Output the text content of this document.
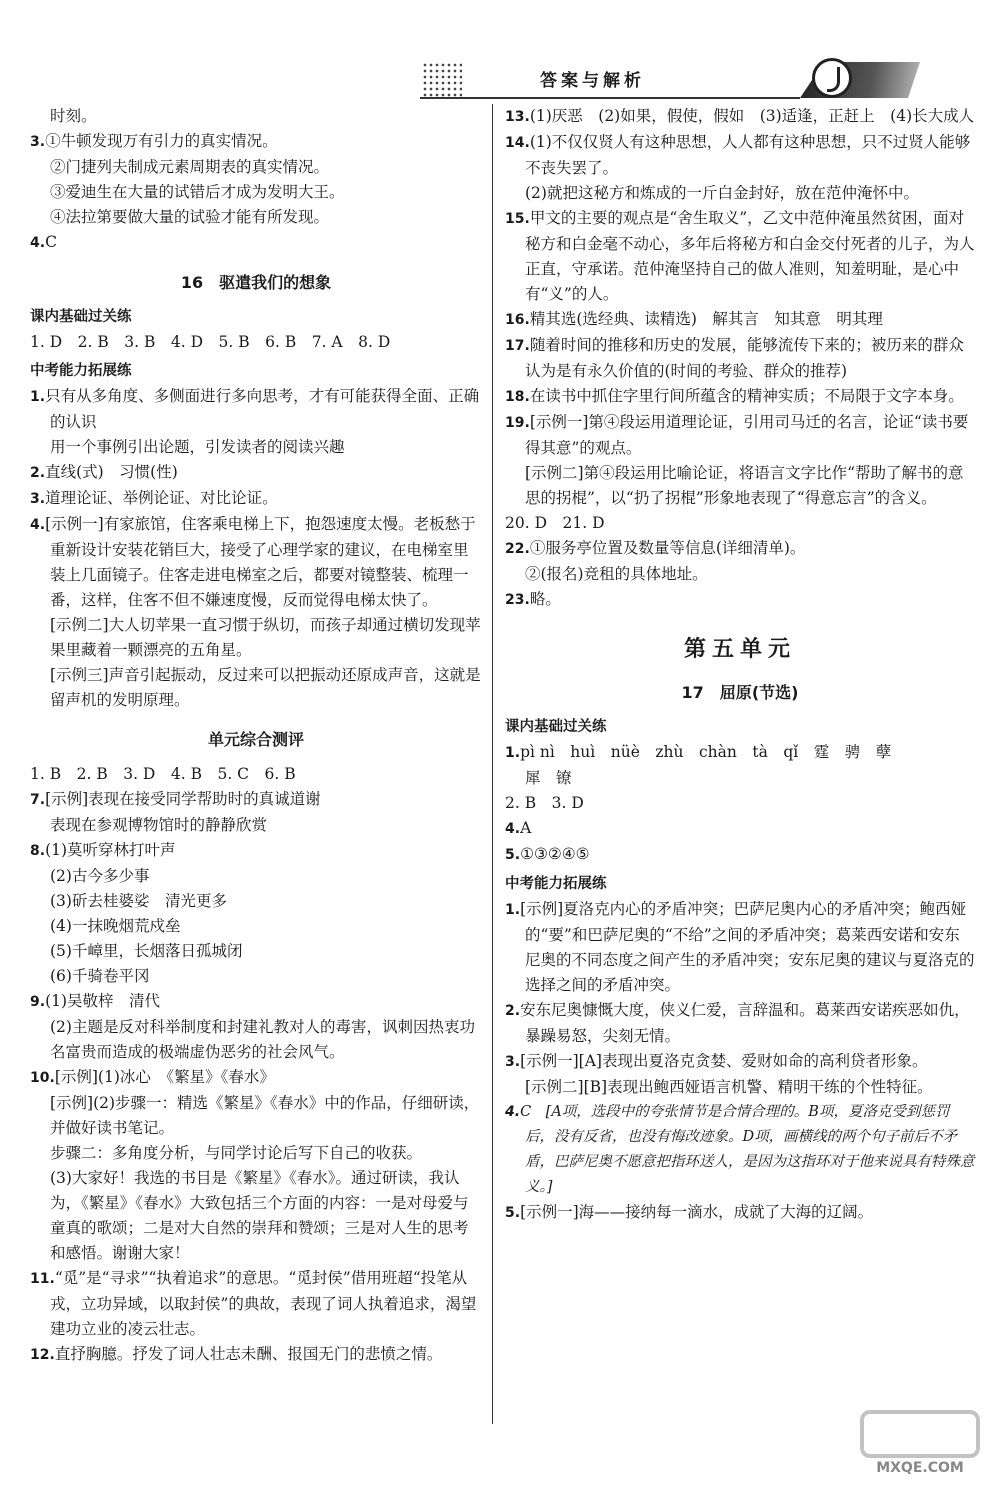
答案与解析

时刻。

3.①牛顿发现万有引力的真实情况。

②门捷列夫制成元素周期表的真实情况。

③爱迪生在大量的试错后才成为发明大王。

④法拉第要做大量的试验才能有所发现。

4.C

16　驱遣我们的想象

课内基础过关练

1. D　2. B　3. B　4. D　5. B　6. B　7. A　8. D

中考能力拓展练

1.只有从多角度、多侧面进行多向思考，才有可能获得全面、正确的认识

用一个事例引出论题，引发读者的阅读兴趣

2.直线(式)　习惯(性)

3.道理论证、举例论证、对比论证。

4.[示例一]有家旅馆，住客乘电梯上下，抱怨速度太慢。老板愁于重新设计安装花销巨大，接受了心理学家的建议，在电梯室里装上几面镜子。住客走进电梯室之后，都要对镜整装、梳理一番，这样，住客不但不嫌速度慢，反而觉得电梯太快了。

[示例二]大人切苹果一直习惯于纵切，而孩子却通过横切发现苹果里藏着一颗漂亮的五角星。

[示例三]声音引起振动，反过来可以把振动还原成声音，这就是留声机的发明原理。

单元综合测评

1. B　2. B　3. D　4. B　5. C　6. B

7.[示例]表现在接受同学帮助时的真诚道谢

表现在参观博物馆时的静静欣赏

8.(1)莫听穿林打叶声

(2)古今多少事

(3)斫去桂婆娑　清光更多

(4)一抹晚烟荒戍垒

(5)千嶂里，长烟落日孤城闭

(6)千骑卷平冈

9.(1)吴敬梓　清代

(2)主题是反对科举制度和封建礼教对人的毒害，讽刺因热衷功名富贵而造成的极端虚伪恶劣的社会风气。

10.[示例](1)冰心　《繁星》《春水》

[示例](2)步骤一：精选《繁星》《春水》中的作品，仔细研读，并做好读书笔记。

步骤二：多角度分析，与同学讨论后写下自己的收获。

(3)大家好！我选的书目是《繁星》《春水》。通过研读，我认为，《繁星》《春水》大致包括三个方面的内容：一是对母爱与童真的歌颂；二是对大自然的崇拜和赞颂；三是对人生的思考和感悟。谢谢大家！

11.“觅”是“寻求”“执着追求”的意思。“觅封侯”借用班超“投笔从戎，立功异域，以取封侯”的典故，表现了词人执着追求，渴望建功立业的凌云壮志。

12.直抒胸臆。抒发了词人壮志未酬、报国无门的悲愤之情。

13.(1)厌恶　(2)如果，假使，假如　(3)适逢，正赶上　(4)长大成人

14.(1)不仅仅贤人有这种思想，人人都有这种思想，只不过贤人能够不丧失罢了。

(2)就把这秘方和炼成的一斤白金封好，放在范仲淹怀中。

15.甲文的主要的观点是“舍生取义”，乙文中范仲淹虽然贫困，面对秘方和白金毫不动心，多年后将秘方和白金交付死者的儿子，为人正直，守承诺。范仲淹坚持自己的做人准则，知羞明耻，是心中有“义”的人。

16.精其选(选经典、读精选)　解其言　知其意　明其理

17.随着时间的推移和历史的发展，能够流传下来的；被历来的群众认为是有永久价值的(时间的考验、群众的推荐)

18.在读书中抓住字里行间所蕴含的精神实质；不局限于文字本身。

19.[示例一]第④段运用道理论证，引用司马迁的名言，论证“读书要得其意”的观点。

[示例二]第④段运用比喻论证，将语言文字比作“帮助了解书的意思的拐棍”，以“扔了拐棍”形象地表现了“得意忘言”的含义。

20. D　21. D

22.①服务亭位置及数量等信息(详细清单)。

②(报名)竞租的具体地址。

23.略。

第五单元

17　屈原(节选)

课内基础过关练

1.pì nì　huì　nüè　zhù　chàn　tà　qǐ　霆　骋　孽

犀　镣

2. B　3. D

4.A

5.①③②④⑤

中考能力拓展练

1.[示例]夏洛克内心的矛盾冲突；巴萨尼奥内心的矛盾冲突；鲍西娅的“要”和巴萨尼奥的“不给”之间的矛盾冲突；葛莱西安诺和安东尼奥的不同态度之间产生的矛盾冲突；安东尼奥的建议与夏洛克的选择之间的矛盾冲突。

2.安东尼奥慷慨大度，侠义仁爱，言辞温和。葛莱西安诺疾恶如仇，暴躁易怒，尖刻无情。

3.[示例一][A]表现出夏洛克贪婪、爱财如命的高利贷者形象。

[示例二][B]表现出鲍西娅语言机警、精明干练的个性特征。

4.C　[A项，选段中的夸张情节是合情合理的。B项，夏洛克受到惩罚后，没有反省，也没有悔改迹象。D项，画横线的两个句子前后不矛盾，巴萨尼奥不愿意把指环送人，是因为这指环对于他来说具有特殊意义。]

5.[示例一]海——接纳每一滴水，成就了大海的辽阔。

MXQE.COM
